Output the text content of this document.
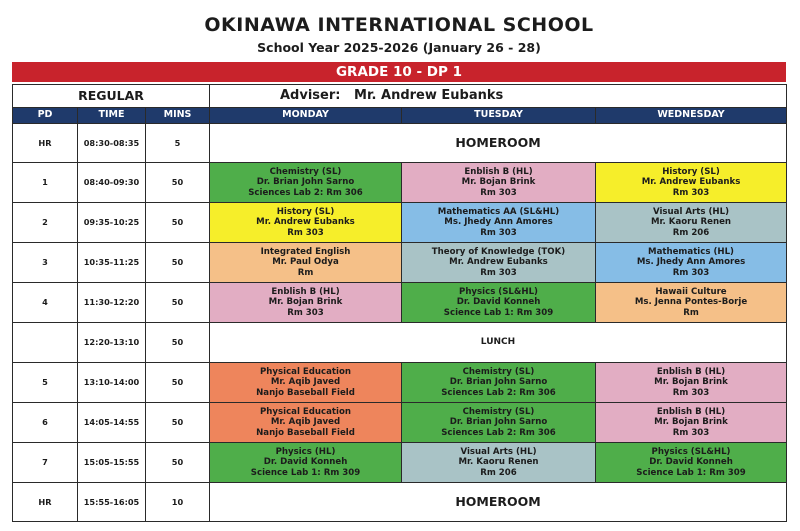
OKINAWA INTERNATIONAL SCHOOL
School Year 2025-2026 (January 26 - 28)
GRADE 10 - DP 1
REGULAR			Adviser: Mr. Andrew Eubanks		
PD	TIME	MINS	MONDAY	TUESDAY	WEDNESDAY
HR	08:30-08:35	5	HOMEROOM		
1	08:40-09:30	50	Chemistry (SL)
Dr. Brian John Sarno
Sciences Lab 2: Rm 306	Enblish B (HL)
Mr. Bojan Brink
Rm 303	History (SL)
Mr. Andrew Eubanks
Rm 303

2	09:35-10:25	50	History (SL)
Mr. Andrew Eubanks
Rm 303	Mathematics AA (SL&HL)
Ms. Jhedy Ann Amores
Rm 303	Visual Arts (HL)
Mr. Kaoru Renen
Rm 206

3	10:35-11:25	50	Integrated English
Mr. Paul Odya
Rm	Theory of Knowledge (TOK)
Mr. Andrew Eubanks
Rm 303	Mathematics (HL)
Ms. Jhedy Ann Amores
Rm 303

4	11:30-12:20	50	Enblish B (HL)
Mr. Bojan Brink
Rm 303	Physics (SL&HL)
Dr. David Konneh
Science Lab 1: Rm 309	Hawaii Culture
Ms. Jenna Pontes-Borje
Rm

	12:20-13:10	50	LUNCH		
5	13:10-14:00	50	Physical Education
Mr. Aqib Javed
Nanjo Baseball Field	Chemistry (SL)
Dr. Brian John Sarno
Sciences Lab 2: Rm 306	Enblish B (HL)
Mr. Bojan Brink
Rm 303

6	14:05-14:55	50	Physical Education
Mr. Aqib Javed
Nanjo Baseball Field	Chemistry (SL)
Dr. Brian John Sarno
Sciences Lab 2: Rm 306	Enblish B (HL)
Mr. Bojan Brink
Rm 303

7	15:05-15:55	50	Physics (HL)
Dr. David Konneh
Science Lab 1: Rm 309	Visual Arts (HL)
Mr. Kaoru Renen
Rm 206	Physics (SL&HL)
Dr. David Konneh
Science Lab 1: Rm 309

HR	15:55-16:05	10	HOMEROOM		
